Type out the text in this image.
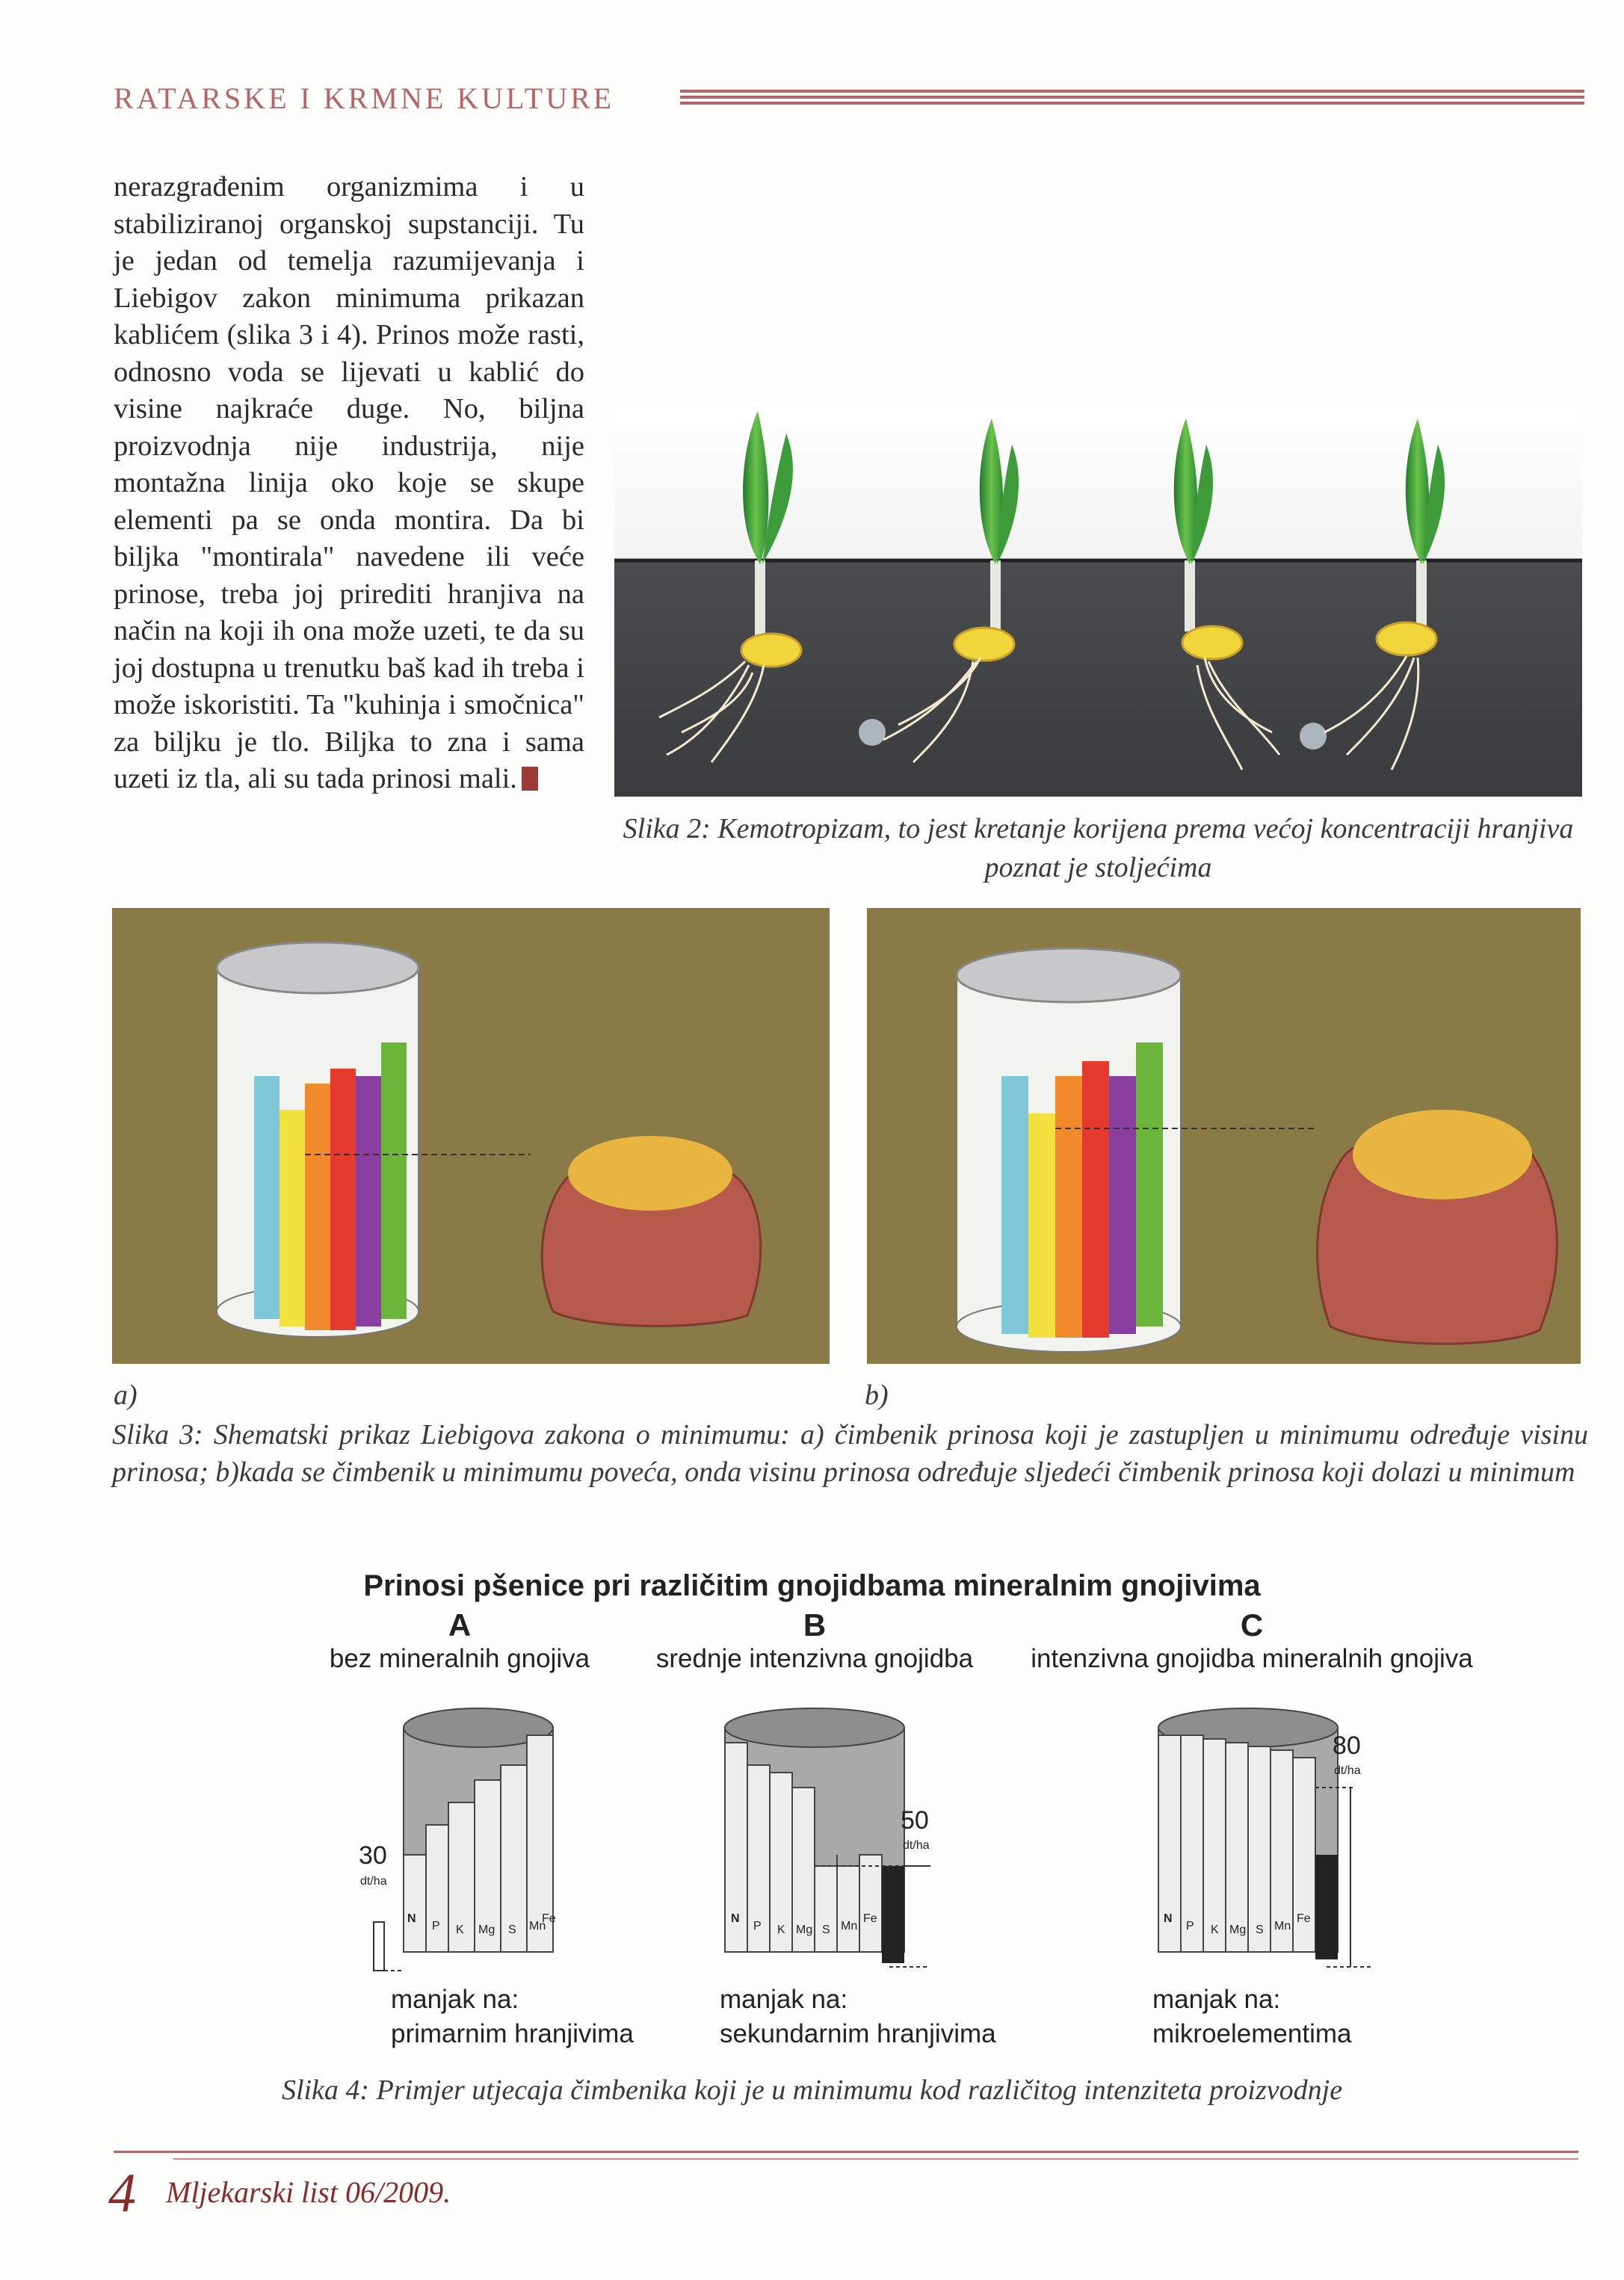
RATARSKE I KRMNE KULTURE
nerazgrađenim organizmima i u stabiliziranoj organskoj supstanciji. Tu je jedan od temelja razumijevanja i Liebigov zakon minimuma prikazan kablićem (slika 3 i 4). Prinos može rasti, odnosno voda se lijevati u kablić do visine najkraće duge. No, biljna proizvodnja nije industrija, nije montažna linija oko koje se skupe elementi pa se onda montira. Da bi biljka "montirala" navedene ili veće prinose, treba joj prirediti hranjiva na način na koji ih ona može uzeti, te da su joj dostupna u trenutku baš kad ih treba i može iskoristiti. Ta "kuhinja i smočnica" za biljku je tlo. Biljka to zna i sama uzeti iz tla, ali su tada prinosi mali.
Slika 2: Kemotropizam, to jest kretanje korijena prema većoj koncentraciji hranjiva poznat je stoljećima
a)	b)
Slika 3: Shematski prikaz Liebigova zakona o minimumu: a) čimbenik prinosa koji je zastupljen u minimumu određuje visinu prinosa; b)kada se čimbenik u minimumu poveća, onda visinu prinosa određuje sljedeći čimbenik prinosa koji dolazi u minimum
Prinosi pšenice pri različitim gnojidbama mineralnim gnojivima
A
bez mineralnih gnojiva
B
srednje intenzivna gnojidba
C
intenzivna gnojidba mineralnih gnojiva
30
dt/ha
N
P K Mg S Mn
Fe
50
dt/ha
N
P K Mg S Mn
Fe
80
dt/ha
N
P K Mg S Mn
Fe
manjak na:
primarnim hranjivima
manjak na:
sekundarnim hranjivima
manjak na:
mikroelementima
Slika 4: Primjer utjecaja čimbenika koji je u minimumu kod različitog intenziteta proizvodnje
4 Mljekarski list 06/2009.
